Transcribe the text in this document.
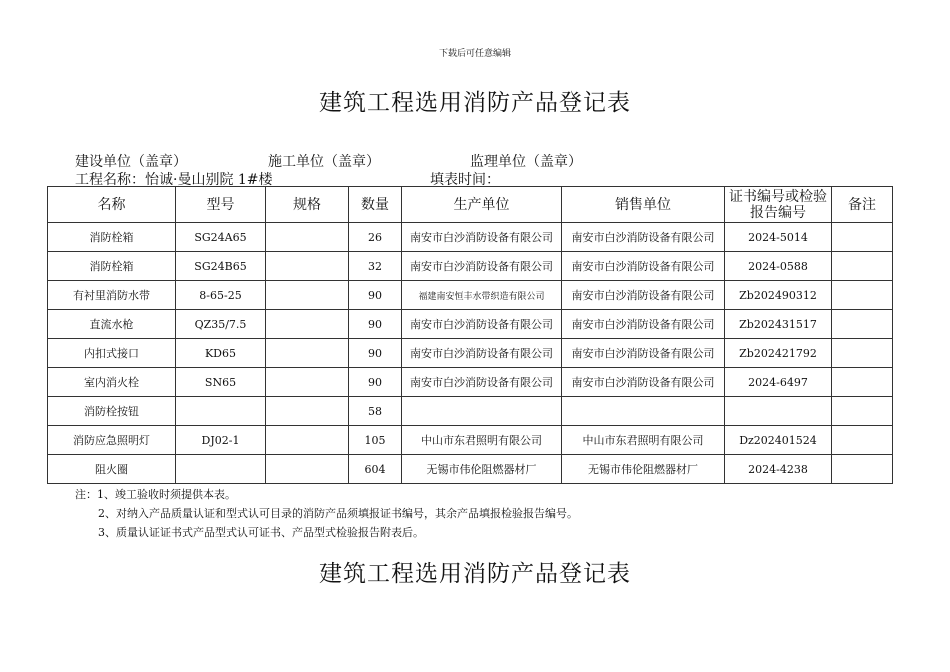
下载后可任意编辑
建筑工程选用消防产品登记表
建设单位（盖章）	施工单位（盖章）	监理单位（盖章）
工程名称：怡诚·曼山别院 1#楼	填表时间：
名称	型号	规格	数量	生产单位	销售单位	证书编号或检验报告编号	备注
消防栓箱	SG24A65		26	南安市白沙消防设备有限公司	南安市白沙消防设备有限公司	2024-5014	
消防栓箱	SG24B65		32	南安市白沙消防设备有限公司	南安市白沙消防设备有限公司	2024-0588	
有衬里消防水带	8-65-25		90	福建南安恒丰水带织造有限公司	南安市白沙消防设备有限公司	Zb202490312	
直流水枪	QZ35/7.5		90	南安市白沙消防设备有限公司	南安市白沙消防设备有限公司	Zb202431517	
内扣式接口	KD65		90	南安市白沙消防设备有限公司	南安市白沙消防设备有限公司	Zb202421792	
室内消火栓	SN65		90	南安市白沙消防设备有限公司	南安市白沙消防设备有限公司	2024-6497	
消防栓按钮			58				
消防应急照明灯	DJ02-1		105	中山市东君照明有限公司	中山市东君照明有限公司	Dz202401524	
阻火圈			604	无锡市伟伦阻燃器材厂	无锡市伟伦阻燃器材厂	2024-4238	
注：1、竣工验收时须提供本表。
2、对纳入产品质量认证和型式认可目录的消防产品须填报证书编号，其余产品填报检验报告编号。
3、质量认证证书式产品型式认可证书、产品型式检验报告附表后。
建筑工程选用消防产品登记表
